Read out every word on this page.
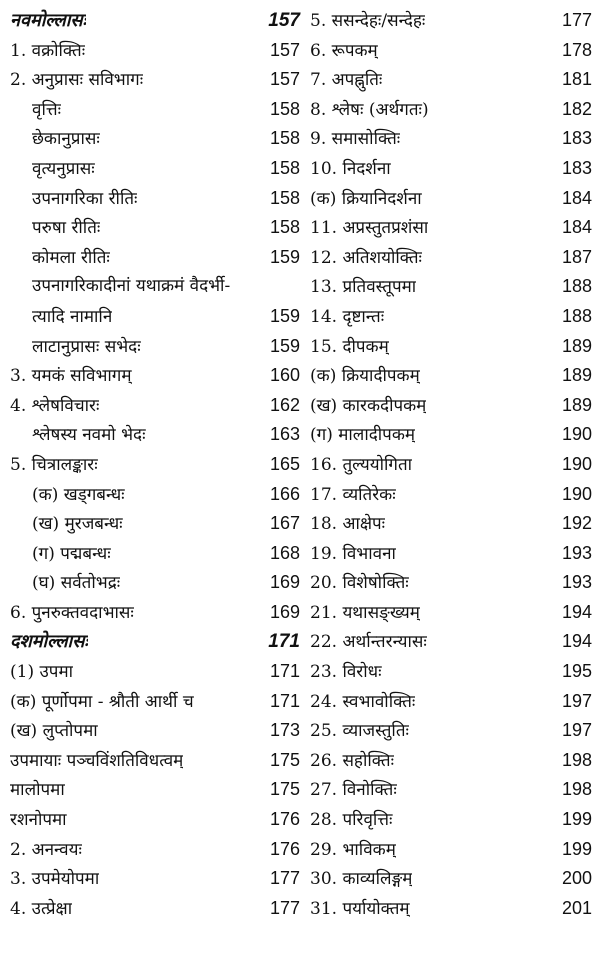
नवमोल्लासः	157
1. वक्रोक्तिः	157
2. अनुप्रासः सविभागः	157
वृत्तिः	158
छेकानुप्रासः	158
वृत्यनुप्रासः	158
उपनागरिका रीतिः	158
परुषा रीतिः	158
कोमला रीतिः	159
उपनागरिकादीनां यथाक्रमं वैदर्भी-
त्यादि नामानि	159
लाटानुप्रासः सभेदः	159
3. यमकं सविभागम्	160
4. श्लेषविचारः	162
श्लेषस्य नवमो भेदः	163
5. चित्रालङ्कारः	165
(क) खड्गबन्धः	166
(ख) मुरजबन्धः	167
(ग) पद्मबन्धः	168
(घ) सर्वतोभद्रः	169
6. पुनरुक्तवदाभासः	169
दशमोल्लासः	171
(1) उपमा	171
(क) पूर्णोपमा - श्रौती आर्थी च	171
(ख) लुप्तोपमा	173
उपमायाः पञ्चविंशतिविधत्वम्	175
मालोपमा	175
रशनोपमा	176
2. अनन्वयः	176
3. उपमेयोपमा	177
4. उत्प्रेक्षा	177
5. ससन्देहः/सन्देहः	177
6. रूपकम्	178
7. अपह्नुतिः	181
8. श्लेषः (अर्थगतः)	182
9. समासोक्तिः	183
10. निदर्शना	183
(क) क्रियानिदर्शना	184
11. अप्रस्तुतप्रशंसा	184
12. अतिशयोक्तिः	187
13. प्रतिवस्तूपमा	188
14. दृष्टान्तः	188
15. दीपकम्	189
(क) क्रियादीपकम्	189
(ख) कारकदीपकम्	189
(ग) मालादीपकम्	190
16. तुल्ययोगिता	190
17. व्यतिरेकः	190
18. आक्षेपः	192
19. विभावना	193
20. विशेषोक्तिः	193
21. यथासङ्ख्यम्	194
22. अर्थान्तरन्यासः	194
23. विरोधः	195
24. स्वभावोक्तिः	197
25. व्याजस्तुतिः	197
26. सहोक्तिः	198
27. विनोक्तिः	198
28. परिवृत्तिः	199
29. भाविकम्	199
30. काव्यलिङ्गम्	200
31. पर्यायोक्तम्	201
